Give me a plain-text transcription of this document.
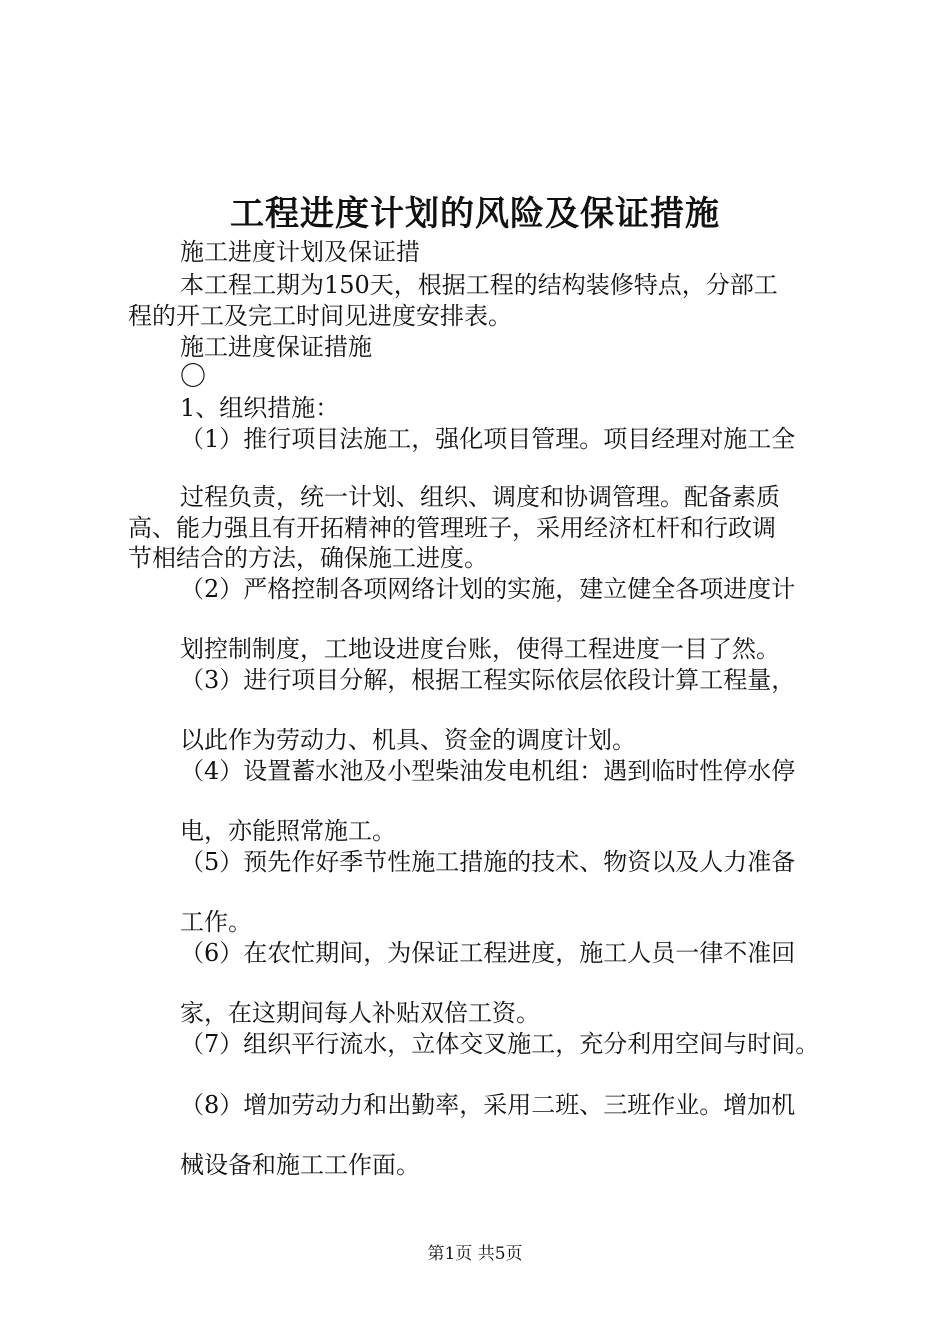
工程进度计划的风险及保证措施
施工进度计划及保证措
本工程工期为150天，根据工程的结构装修特点，分部工
程的开工及完工时间见进度安排表。
施工进度保证措施
〇
1、组织措施：
（1）推行项目法施工，强化项目管理。项目经理对施工全
过程负责，统一计划、组织、调度和协调管理。配备素质
高、能力强且有开拓精神的管理班子，采用经济杠杆和行政调
节相结合的方法，确保施工进度。
（2）严格控制各项网络计划的实施，建立健全各项进度计
划控制制度，工地设进度台账，使得工程进度一目了然。
（3）进行项目分解，根据工程实际依层依段计算工程量，
以此作为劳动力、机具、资金的调度计划。
（4）设置蓄水池及小型柴油发电机组：遇到临时性停水停
电，亦能照常施工。
（5）预先作好季节性施工措施的技术、物资以及人力准备
工作。
（6）在农忙期间，为保证工程进度，施工人员一律不准回
家，在这期间每人补贴双倍工资。
（7）组织平行流水，立体交叉施工，充分利用空间与时间。
（8）增加劳动力和出勤率，采用二班、三班作业。增加机
械设备和施工工作面。
第1页 共5页
